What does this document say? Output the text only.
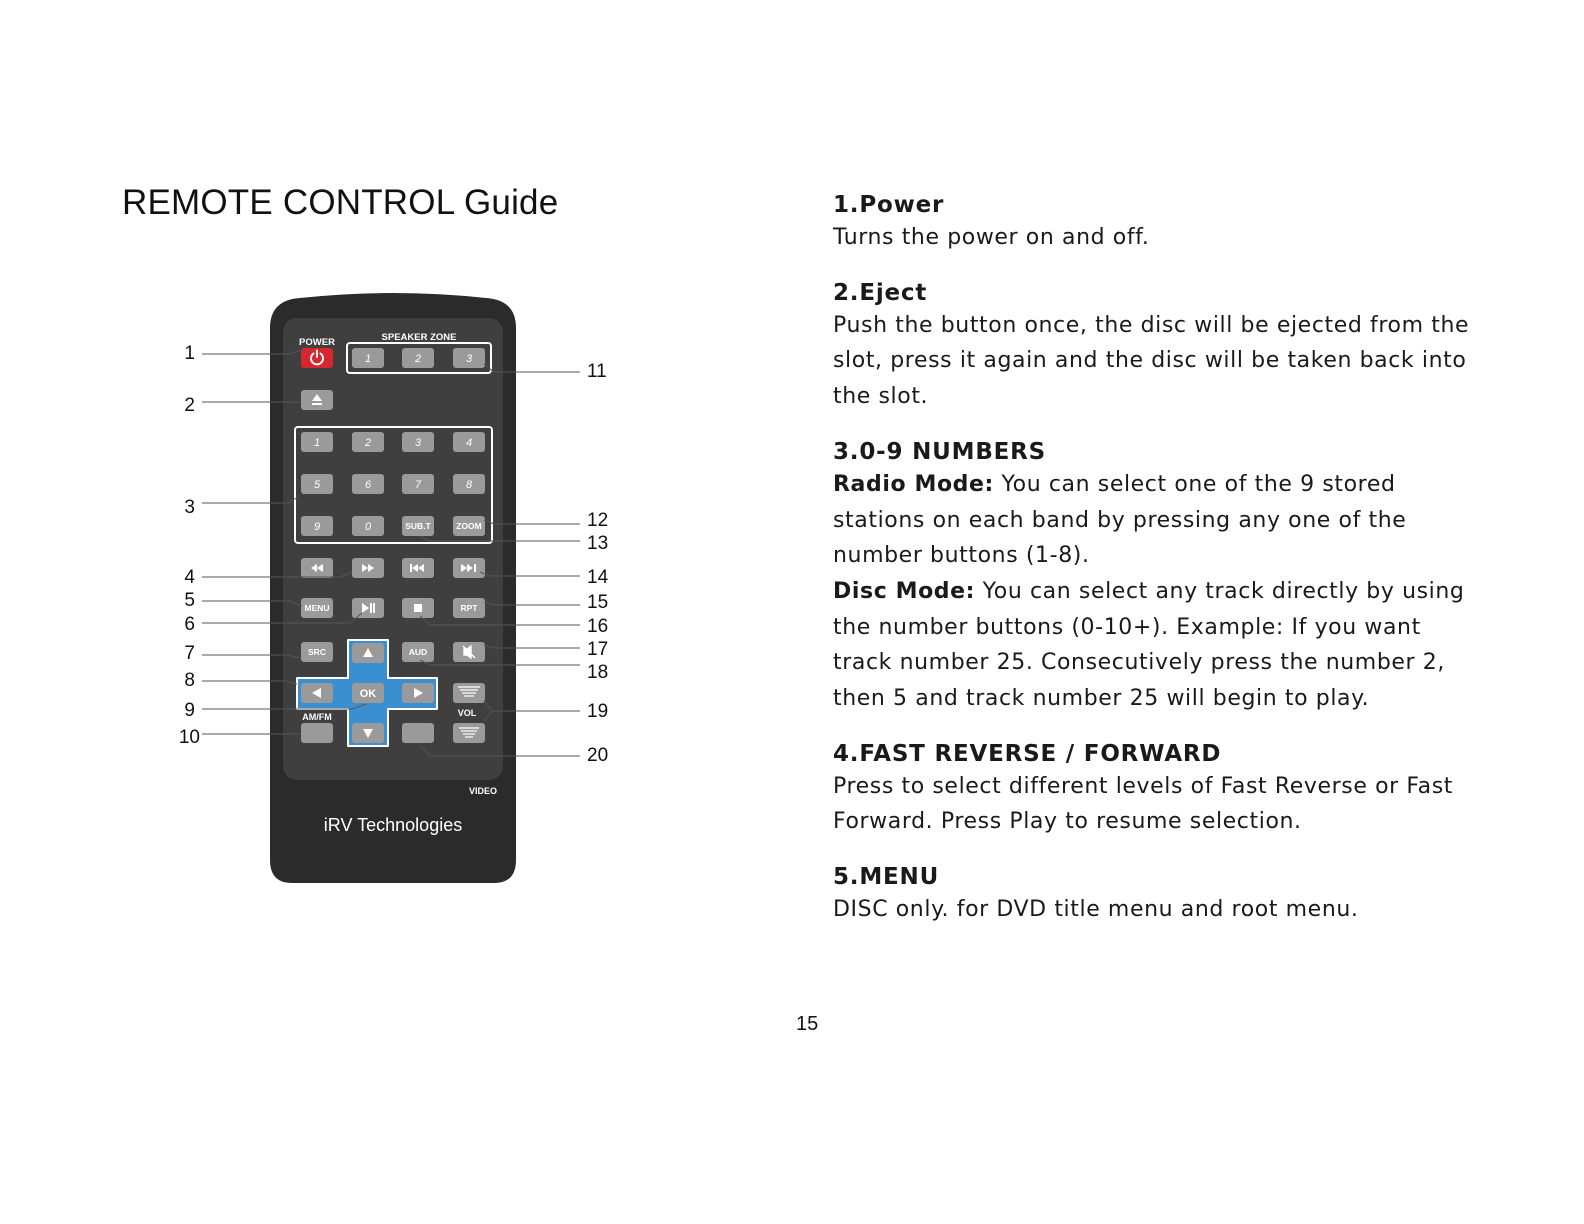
REMOTE CONTROL Guide
POWER	SPEAKER ZONE
1	2	3
1	2	3	4
5	6	7	8
9	0	SUB.T	ZOOM
MENU	RPT
SRC	AUD
OK
AM/FM	VOL
VIDEO
iRV Technologies
1
2
3
4
5
6
7
8
9
10
11
12
13
14
15
16
17
18
19
20
1.Power

Turns the power on and off.

2.Eject

Push the button once, the disc will be ejected from the slot, press it again and the disc will be taken back into the slot.

3.0-9 NUMBERS

Radio Mode: You can select one of the 9 stored stations on each band by pressing any one of the number buttons (1-8).

Disc Mode: You can select any track directly by using the number buttons (0-10+). Example: If you want track number 25. Consecutively press the number 2, then 5 and track number 25 will begin to play.

4.FAST REVERSE / FORWARD

Press to select different levels of Fast Reverse or Fast Forward. Press Play to resume selection.

5.MENU

DISC only. for DVD title menu and root menu.

15
